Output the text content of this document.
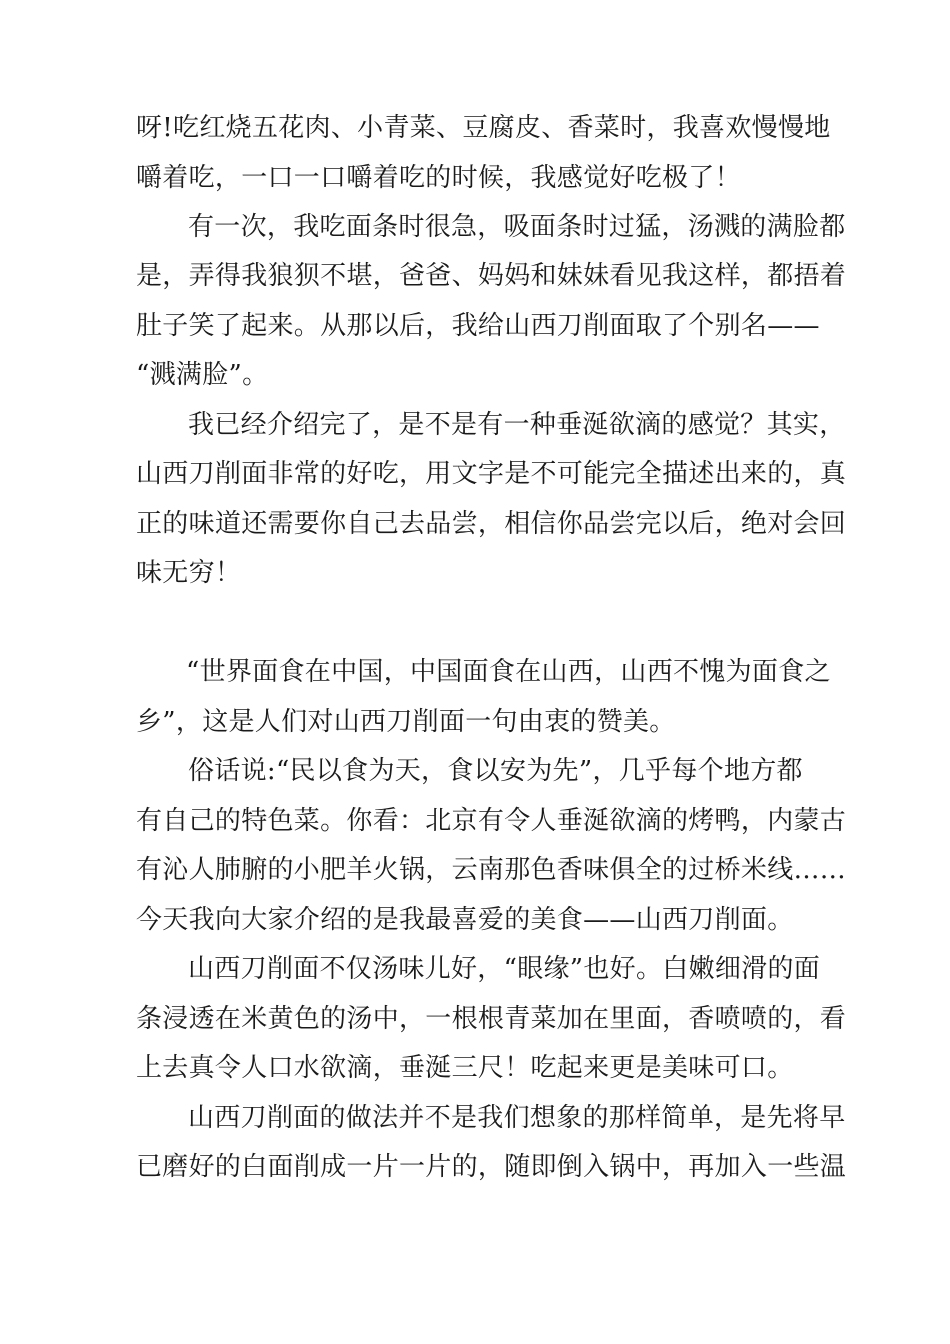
呀!吃红烧五花肉、小青菜、豆腐皮、香菜时，我喜欢慢慢地
嚼着吃，一口一口嚼着吃的时候，我感觉好吃极了！
有一次，我吃面条时很急，吸面条时过猛，汤溅的满脸都
是，弄得我狼狈不堪，爸爸、妈妈和妹妹看见我这样，都捂着
肚子笑了起来。从那以后，我给山西刀削面取了个别名——
“溅满脸”。
我已经介绍完了，是不是有一种垂涎欲滴的感觉？其实，
山西刀削面非常的好吃，用文字是不可能完全描述出来的，真
正的味道还需要你自己去品尝，相信你品尝完以后，绝对会回
味无穷！
“世界面食在中国，中国面食在山西，山西不愧为面食之
乡”，这是人们对山西刀削面一句由衷的赞美。
俗话说:“民以食为天，食以安为先”，几乎每个地方都
有自己的特色菜。你看：北京有令人垂涎欲滴的烤鸭，内蒙古
有沁人肺腑的小肥羊火锅，云南那色香味俱全的过桥米线……
今天我向大家介绍的是我最喜爱的美食——山西刀削面。
山西刀削面不仅汤味儿好，“眼缘”也好。白嫩细滑的面
条浸透在米黄色的汤中，一根根青菜加在里面，香喷喷的，看
上去真令人口水欲滴，垂涎三尺！吃起来更是美味可口。
山西刀削面的做法并不是我们想象的那样简单，是先将早
已磨好的白面削成一片一片的，随即倒入锅中，再加入一些温
